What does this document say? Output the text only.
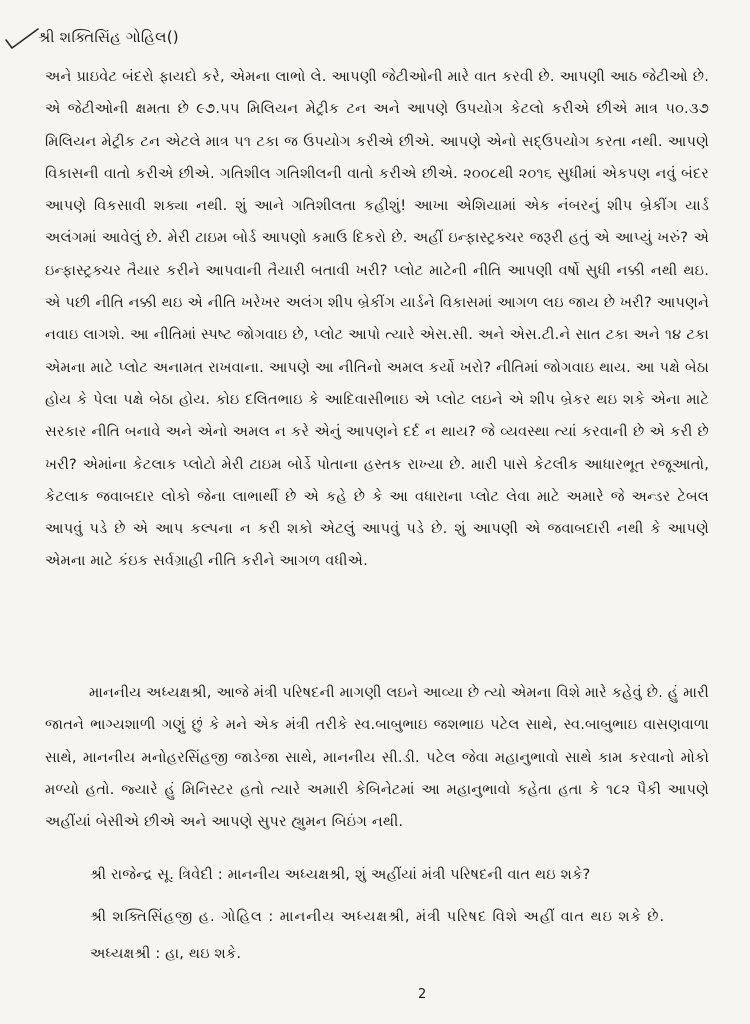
શ્રી શક્તિસિંહ ગોહિલ()
અને પ્રાઇવેટ બંદરો ફાયદો કરે, એમના લાભો લે. આપણી જેટીઓની મારે વાત કરવી છે. આપણી આઠ જેટીઓ છે. એ જેટીઓની ક્ષમતા છે ૯૭.૫૫ મિલિયન મેટ્રીક ટન અને આપણે ઉપયોગ કેટલો કરીએ છીએ માત્ર ૫૦.૩૭ મિલિયન મેટ્રીક ટન એટલે માત્ર ૫૧ ટકા જ ઉપયોગ કરીએ છીએ. આપણે એનો સદ્ઉપયોગ કરતા નથી. આપણે વિકાસની વાતો કરીએ છીએ. ગતિશીલ ગતિશીલની વાતો કરીએ છીએ. ૨૦૦૮થી ૨૦૧૬ સુધીમાં એકપણ નવું બંદર આપણે વિકસાવી શક્યા નથી. શું આને ગતિશીલતા કહીશું! આખા એશિયામાં એક નંબરનું શીપ બ્રેકીંગ યાર્ડ અલંગમાં આવેલું છે. મેરી ટાઇમ બોર્ડ આપણો કમાઉ દિકરો છે. અહીં ઇન્ફાસ્ટ્રક્ચર જરૂરી હતું એ આપ્યું ખરું? એ ઇન્ફાસ્ટ્રક્ચર તૈયાર કરીને આપવાની તૈયારી બતાવી ખરી? પ્લોટ માટેની નીતિ આપણી વર્ષો સુધી નક્કી નથી થઇ. એ પછી નીતિ નક્કી થઇ એ નીતિ ખરેખર અલંગ શીપ બ્રેકીંગ યાર્ડને વિકાસમાં આગળ લઇ જાય છે ખરી? આપણને નવાઇ લાગશે. આ નીતિમાં સ્પષ્ટ જોગવાઇ છે, પ્લોટ આપો ત્યારે એસ.સી. અને એસ.ટી.ને સાત ટકા અને ૧૪ ટકા એમના માટે પ્લોટ અનામત રાખવાના. આપણે આ નીતિનો અમલ કર્યો ખરો? નીતિમાં જોગવાઇ થાય. આ પક્ષે બેઠા હોય કે પેલા પક્ષે બેઠા હોય. કોઇ દલિતભાઇ કે આદિવાસીભાઇ એ પ્લોટ લઇને એ શીપ બ્રેકર થઇ શકે એના માટે સરકાર નીતિ બનાવે અને એનો અમલ ન કરે એનું આપણને દર્દ ન થાય? જે વ્યવસ્થા ત્યાં કરવાની છે એ કરી છે ખરી? એમાંના કેટલાક પ્લોટો મેરી ટાઇમ બોર્ડે પોતાના હસ્તક રાખ્યા છે. મારી પાસે કેટલીક આધારભૂત રજૂઆતો, કેટલાક જવાબદાર લોકો જેના લાભાર્થી છે એ કહે છે કે આ વધારાના પ્લોટ લેવા માટે અમારે જે અન્ડર ટેબલ આપવું પડે છે એ આપ કલ્પના ન કરી શકો એટલું આપવું પડે છે. શું આપણી એ જવાબદારી નથી કે આપણે એમના માટે કંઇક સર્વગ્રાહી નીતિ કરીને આગળ વધીએ.
માનનીય અધ્યક્ષશ્રી, આજે મંત્રી પરિષદની માગણી લઇને આવ્યા છે ત્યો એમના વિશે મારે કહેવું છે. હું મારી જાતને ભાગ્યશાળી ગણું છું કે મને એક મંત્રી તરીકે સ્વ.બાબુભાઇ જશભાઇ પટેલ સાથે, સ્વ.બાબુભાઇ વાસણવાળા સાથે, માનનીય મનોહરસિંહજી જાડેજા સાથે, માનનીય સી.ડી. પટેલ જેવા મહાનુભાવો સાથે કામ કરવાનો મોકો મળ્યો હતો. જ્યારે હું મિનિસ્ટર હતો ત્યારે અમારી કેબિનેટમાં આ મહાનુભાવો કહેતા હતા કે ૧૮૨ પૈકી આપણે અહીંયાં બેસીએ છીએ અને આપણે સુપર હ્યુમન બિઇંગ નથી.
શ્રી રાજેન્દ્ર સૂ. ત્રિવેદી : માનનીય અધ્યક્ષશ્રી, શું અહીંયાં મંત્રી પરિષદની વાત થઇ શકે?
શ્રી શક્તિસિંહજી હ. ગોહિલ : માનનીય અધ્યક્ષશ્રી, મંત્રી પરિષદ વિશે અહીં વાત થઇ શકે છે.
અધ્યક્ષશ્રી : હા, થઇ શકે.
2
